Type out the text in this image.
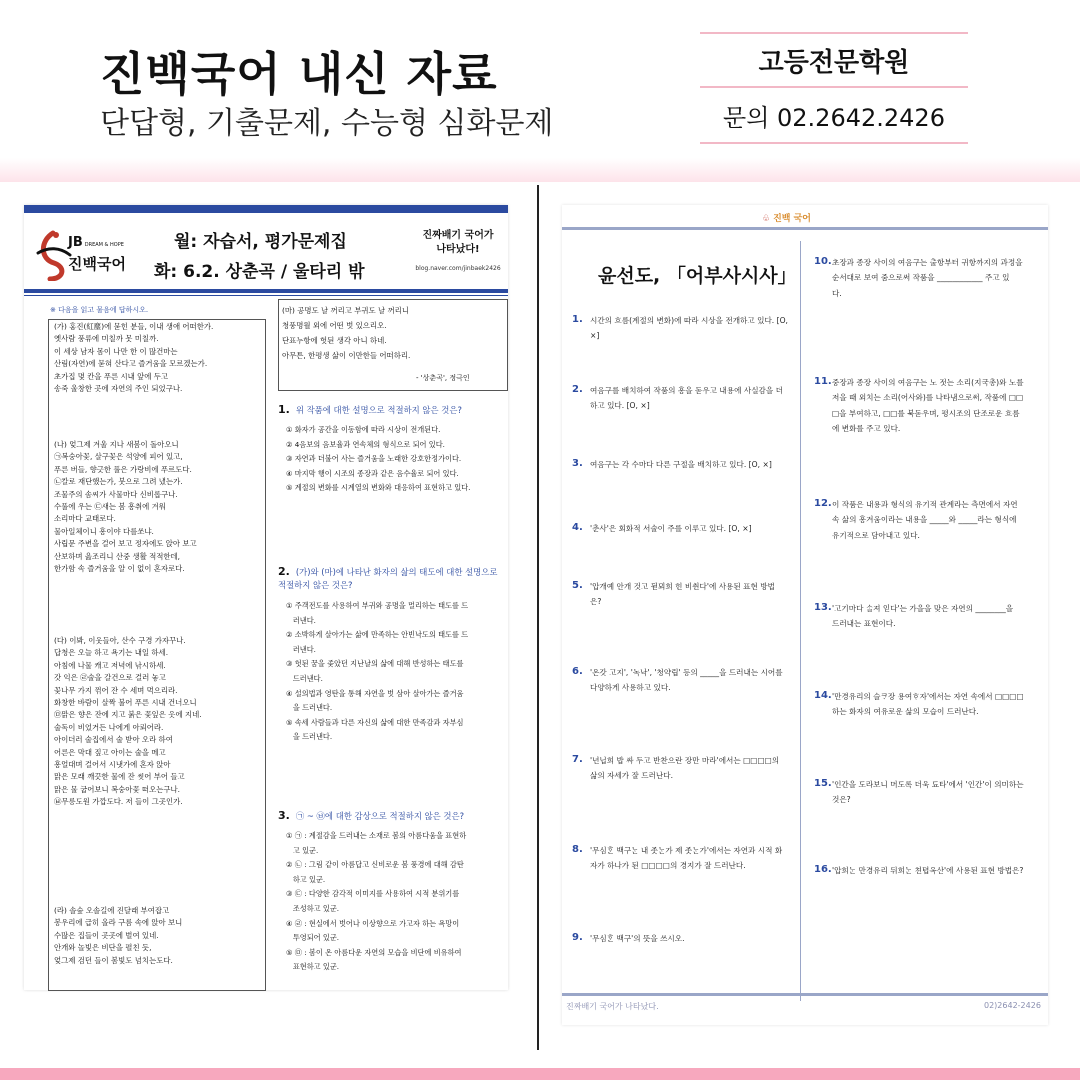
진백국어 내신 자료
단답형, 기출문제, 수능형 심화문제
고등전문학원
문의 02.2642.2426
JB DREAM & HOPE
진백국어
월: 자습서, 평가문제집
화: 6.2. 상춘곡 / 울타리 밖
진짜배기 국어가
나타났다!
blog.naver.com/jinbaek2426
※ 다음을 읽고 물음에 답하시오.
(가) 홍진(紅塵)에 묻힌 분들, 이내 생애 어떠한가.
옛사람 풍류에 미칠까 못 미칠까.
이 세상 남자 몸이 나만 한 이 많건마는
산림(자연)에 묻혀 산다고 즐거움을 모르겠는가.
초가집 몇 칸을 푸른 시내 앞에 두고
송죽 울창한 곳에 자연의 주인 되었구나.
(나) 엊그제 겨울 지나 새봄이 돌아오니
㉠복숭아꽃, 살구꽃은 석양에 피어 있고,
푸른 버들, 향긋한 풀은 가랑비에 푸르도다.
㉡칼로 재단했는가, 붓으로 그려 냈는가.
조물주의 솜씨가 사물마다 신비롭구나.
수풀에 우는 ㉢새는 봄 흥취에 겨워
소리마다 교태로다.
물아일체이니 흥이야 다를쏘냐.
사립문 주변을 걸어 보고 정자에도 앉아 보고
산보하며 읊조리니 산중 생활 적적한데,
한가함 속 즐거움을 알 이 없이 혼자로다.
(다) 이봐, 이웃들아, 산수 구경 가자꾸나.
답청은 오늘 하고 욕기는 내일 하세.
아침에 나물 캐고 저녁에 낚시하세.
갓 익은 ㉣술을 갈건으로 걸러 놓고
꽃나무 가지 꺾어 잔 수 세며 먹으리라.
화창한 바람이 살짝 불어 푸른 시내 건너오니
㉤맑은 향은 잔에 지고 붉은 꽃잎은 옷에 지네.
술독이 비었거든 나에게 아뢰어라.
아이더러 술집에서 술 받아 오라 하여
어른은 막대 짚고 아이는 술을 메고
흥얼대며 걸어서 시냇가에 혼자 앉아
맑은 모래 깨끗한 물에 잔 씻어 부어 들고
맑은 물 굽어보니 복숭아꽃 떠오는구나.
㉥무릉도원 가깝도다. 저 들이 그곳인가.
(라) 솔숲 오솔길에 진달래 부여잡고
봉우리에 급히 올라 구름 속에 앉아 보니
수많은 집들이 곳곳에 벌여 있네.
안개와 놀빛은 비단을 펼친 듯,
엊그제 검던 들이 봄빛도 넘치는도다.
(마) 공명도 날 꺼리고 부귀도 날 꺼리니
청풍명월 외에 어떤 벗 있으리오.
단표누항에 헛된 생각 아니 하네.
아무튼, 한평생 삶이 이만한들 어떠하리.
- '상춘곡', 정극인
1. 위 작품에 대한 설명으로 적절하지 않은 것은?
① 화자가 공간을 이동함에 따라 시상이 전개된다.
② 4음보의 음보율과 연속체의 형식으로 되어 있다.
③ 자연과 더불어 사는 즐거움을 노래한 강호한정가이다.
④ 마지막 행이 시조의 종장과 같은 음수율로 되어 있다.
⑤ 계절의 변화를 시계열의 변화와 대응하여 표현하고 있다.
2. (가)와 (마)에 나타난 화자의 삶의 태도에 대한 설명으로 적절하지 않은 것은?
① 주객전도를 사용하여 부귀와 공명을 멀리하는 태도를 드
러낸다.
② 소박하게 살아가는 삶에 만족하는 안빈낙도의 태도를 드
러낸다.
③ 헛된 꿈을 좇았던 지난날의 삶에 대해 반성하는 태도를
드러낸다.
④ 설의법과 영탄을 통해 자연을 벗 삼아 살아가는 즐거움
을 드러낸다.
⑤ 속세 사람들과 다른 자신의 삶에 대한 만족감과 자부심
을 드러낸다.
3. ㉠ ~ ㉥에 대한 감상으로 적절하지 않은 것은?
① ㉠ : 계절감을 드러내는 소재로 봄의 아름다움을 표현하
고 있군.
② ㉡ : 그림 같이 아름답고 신비로운 봄 풍경에 대해 감탄
하고 있군.
③ ㉢ : 다양한 감각적 이미지를 사용하여 시적 분위기를
조성하고 있군.
④ ㉣ : 현실에서 벗어나 이상향으로 가고자 하는 욕망이
투영되어 있군.
⑤ ㉤ : 봄이 온 아름다운 자연의 모습을 비단에 비유하여
표현하고 있군.
♧ 진백 국어
윤선도, 「어부사시사」
1. 시간의 흐름(계절의 변화)에 따라 시상을 전개하고 있다. [O,
×]
2. 여음구를 배치하여 작품의 흥을 돋우고 내용에 사실감을 더
하고 있다. [O, ×]
3. 여음구는 각 수마다 다른 구절을 배치하고 있다. [O, ×]
4. '춘사'은 회화적 서술이 주를 이루고 있다. [O, ×]
5. '압개예 안개 것고 뒫뫼희 힌 비췬다'에 사용된 표현 방법
은?
6. '온갓 고지', '녹낙', '청약립' 등의 _____을 드러내는 시어를
다양하게 사용하고 있다.
7. '년닙희 밥 싸 두고 반찬으란 장만 마라'에서는 □□□□의
삶의 자세가 잘 드러난다.
8. '무심ᄒᆞᆫ 백구ᄂᆞᆫ 내 좃ᄂᆞᆫ가 제 좃ᄂᆞᆫ가'에서는 자연과 시적 화
자가 하나가 된 □□□□의 경지가 잘 드러난다.
9. '무심ᄒᆞᆫ 백구'의 뜻을 쓰시오.
10. 초장과 종장 사이의 여음구는 출항부터 귀항까지의 과정을
순서대로 보여 줌으로써 작품을 ____________ 주고 있
다.
11. 중장과 종장 사이의 여음구는 노 젓는 소리(지국총)와 노를
저을 때 외치는 소리(어사와)를 나타냄으로써, 작품에 □□
□을 부여하고, □□를 북돋우며, 평시조의 단조로운 흐름
에 변화를 주고 있다.
12. 이 작품은 내용과 형식의 유기적 관계라는 측면에서 자연
속 삶의 흥겨움이라는 내용을 _____와 _____라는 형식에
유기적으로 담아내고 있다.
13. '고기마다 ᄉᆞᆯ져 읻다'는 가을을 맞은 자연의 ________을
드러내는 표현이다.
14. '만경유리의 슬ᄏᆞ장 용여ᄒᆞ자'에서는 자연 속에서 □□□□
하는 화자의 여유로운 삶의 모습이 드러난다.
15. '인간을 도라보니 머도록 더욱 됴타'에서 '인간'이 의미하는
것은?
16. '압희ᄂᆞᆫ 만경유리 뒤희ᄂᆞᆫ 쳔텹옥산'에 사용된 표현 방법은?
진짜배기 국어가 나타났다.	02)2642-2426
